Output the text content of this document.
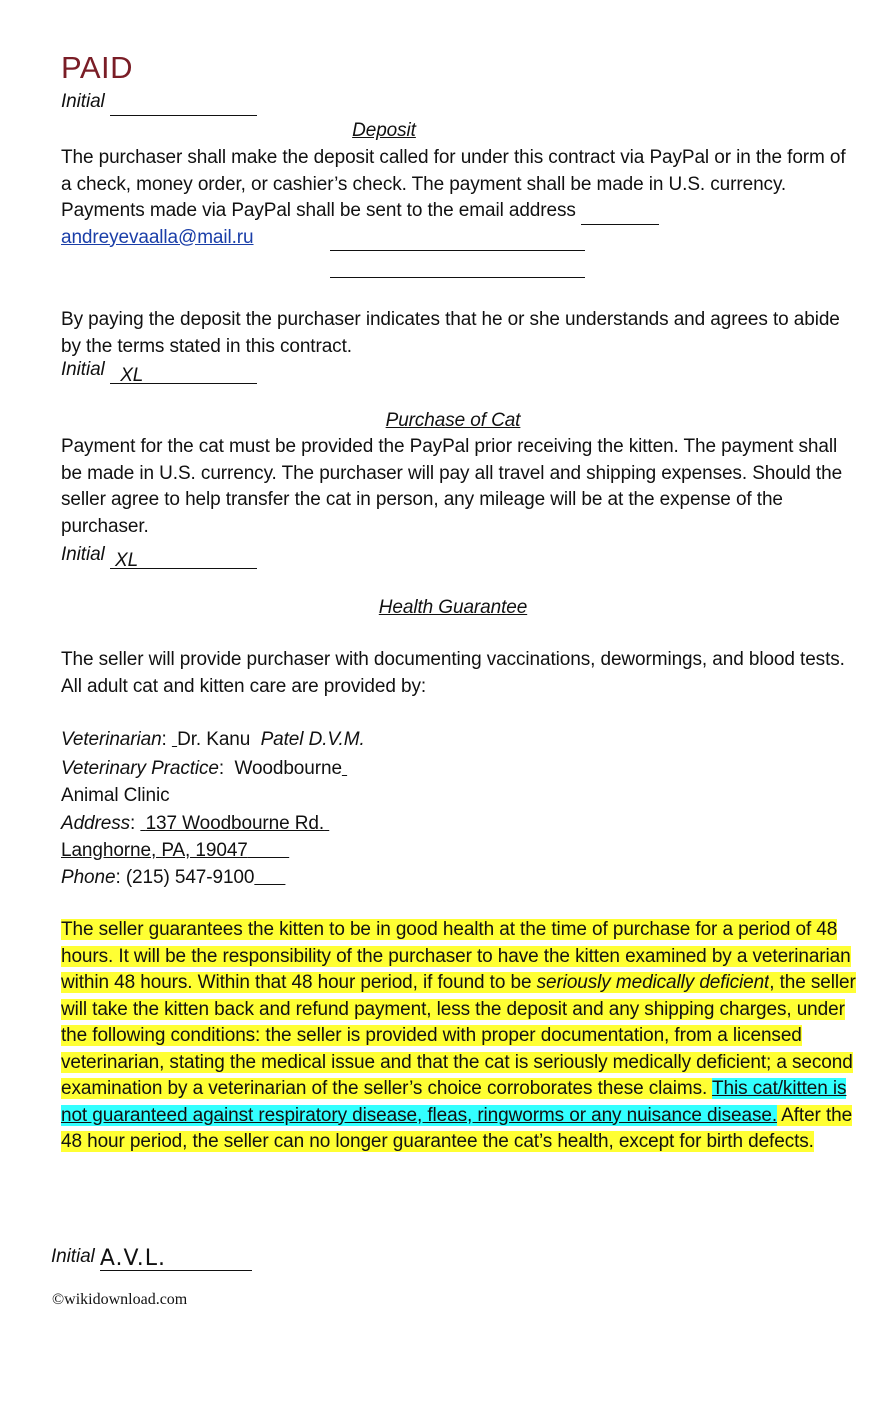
PAID
Initial
Deposit
The purchaser shall make the deposit called for under this contract via PayPal or in the form of a check, money order, or cashier’s check. The payment shall be made in U.S. currency. Payments made via PayPal shall be sent to the email address
andreyevaalla@mail.ru
By paying the deposit the purchaser indicates that he or she understands and agrees to abide by the terms stated in this contract.
Initial XL
Purchase of Cat
Payment for the cat must be provided the PayPal prior receiving the kitten. The payment shall be made in U.S. currency. The purchaser will pay all travel and shipping expenses. Should the seller agree to help transfer the cat in person, any mileage will be at the expense of the purchaser.
Initial XL
Health Guarantee
The seller will provide purchaser with documenting vaccinations, dewormings, and blood tests. All adult cat and kitten care are provided by:
Veterinarian:  Dr. Kanu Patel D.V.M.
Veterinary Practice:  Woodbourne
Animal Clinic
Address:  137 Woodbourne Rd.
Langhorne, PA, 19047
Phone: (215) 547-9100
The seller guarantees the kitten to be in good health at the time of purchase for a period of 48 hours. It will be the responsibility of the purchaser to have the kitten examined by a veterinarian within 48 hours. Within that 48 hour period, if found to be seriously medically deficient, the seller will take the kitten back and refund payment, less the deposit and any shipping charges, under the following conditions: the seller is provided with proper documentation, from a licensed veterinarian, stating the medical issue and that the cat is seriously medically deficient; a second examination by a veterinarian of the seller’s choice corroborates these claims. This cat/kitten is not guaranteed against respiratory disease, fleas, ringworms or any nuisance disease. After the 48 hour period, the seller can no longer guarantee the cat’s health, except for birth defects.
Initial A.V.L.
©wikidownload.com
